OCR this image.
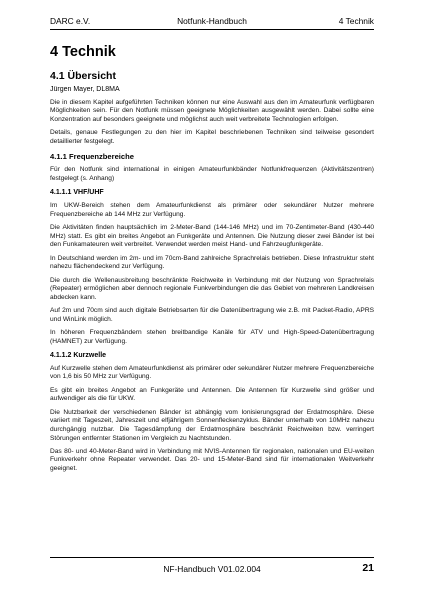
DARC e.V.	Notfunk-Handbuch	4 Technik
4 Technik
4.1 Übersicht
Jürgen Mayer, DL8MA

Die in diesem Kapitel aufgeführten Techniken können nur eine Auswahl aus den im Amateurfunk verfügbaren Möglichkeiten sein. Für den Notfunk müssen geeignete Möglichkeiten ausgewählt werden. Dabei sollte eine Konzentration auf besonders geeignete und möglichst auch weit verbreitete Technologien erfolgen.

Details, genaue Festlegungen zu den hier im Kapitel beschriebenen Techniken sind teilweise gesondert detaillierter festgelegt.

4.1.1 Frequenzbereiche

Für den Notfunk sind international in einigen Amateurfunkbänder Notfunkfrequenzen (Aktivitätszentren) festgelegt (s. Anhang)

4.1.1.1 VHF/UHF

Im UKW-Bereich stehen dem Amateurfunkdienst als primärer oder sekundärer Nutzer mehrere Frequenzbereiche ab 144 MHz zur Verfügung.

Die Aktivitäten finden hauptsächlich im 2-Meter-Band (144-146 MHz) und im 70-Zentimeter-Band (430-440 MHz) statt. Es gibt ein breites Angebot an Funkgeräte und Antennen. Die Nutzung dieser zwei Bänder ist bei den Funkamateuren weit verbreitet. Verwendet werden meist Hand- und Fahrzeugfunkgeräte.

In Deutschland werden im 2m- und im 70cm-Band zahlreiche Sprachrelais betrieben. Diese Infrastruktur steht nahezu flächendeckend zur Verfügung.

Die durch die Wellenausbreitung beschränkte Reichweite in Verbindung mit der Nutzung von Sprachrelais (Repeater) ermöglichen aber dennoch regionale Funkverbindungen die das Gebiet von mehreren Landkreisen abdecken kann.

Auf 2m und 70cm sind auch digitale Betriebsarten für die Datenübertragung wie z.B. mit Packet-Radio, APRS und WinLink möglich.

In höheren Frequenzbändern stehen breitbandige Kanäle für ATV und High-Speed-Datenübertragung (HAMNET) zur Verfügung.

4.1.1.2 Kurzwelle

Auf Kurzwelle stehen dem Amateurfunkdienst als primärer oder sekundärer Nutzer mehrere Frequenzbereiche von 1,6 bis 50 MHz zur Verfügung.

Es gibt ein breites Angebot an Funkgeräte und Antennen. Die Antennen für Kurzwelle sind größer und aufwendiger als die für UKW.

Die Nutzbarkeit der verschiedenen Bänder ist abhängig vom Ionisierungsgrad der Erdatmosphäre. Diese variiert mit Tageszeit, Jahreszeit und elfjährigem Sonnenfleckenzyklus. Bänder unterhalb von 10MHz nahezu durchgängig nutzbar. Die Tagesdämpfung der Erdatmosphäre beschränkt Reichweiten bzw. verringert Störungen entfernter Stationen im Vergleich zu Nachtstunden.

Das 80- und 40-Meter-Band wird in Verbindung mit NVIS-Antennen für regionalen, nationalen und EU-weiten Funkverkehr ohne Repeater verwendet. Das 20- und 15-Meter-Band sind für internationalen Weitverkehr geeignet.

NF-Handbuch V01.02.004	21
